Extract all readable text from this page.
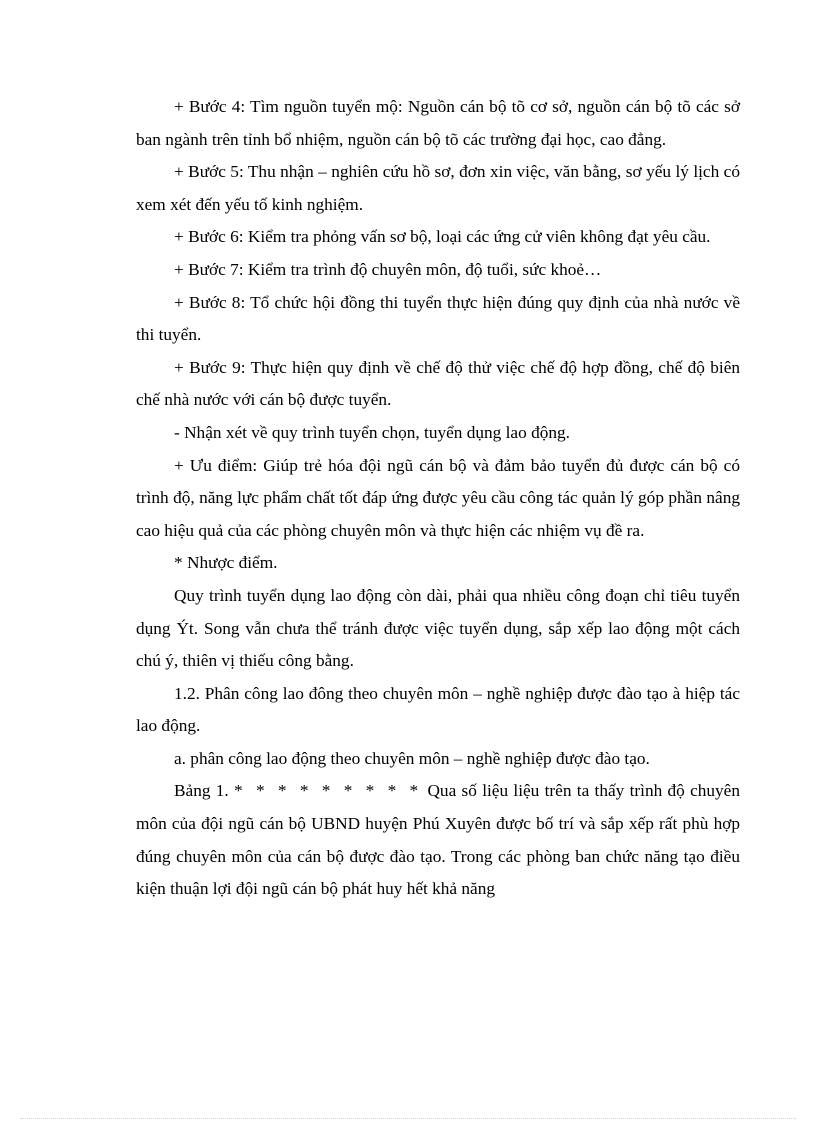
+ Bước 4: Tìm nguồn tuyển mộ: Nguồn cán bộ tõ cơ sở, nguồn cán bộ tõ các sở ban ngành trên tỉnh bổ nhiệm, nguồn cán bộ tõ các trường đại học, cao đẳng.

+ Bước 5: Thu nhận – nghiên cứu hồ sơ, đơn xin việc, văn bằng, sơ yếu lý lịch có xem xét đến yếu tố kinh nghiệm.

+ Bước 6: Kiểm tra phỏng vấn sơ bộ, loại các ứng cử viên không đạt yêu cầu.

+ Bước 7: Kiểm tra trình độ chuyên môn, độ tuổi, sức khoẻ…

+ Bước 8: Tổ chức hội đồng thi tuyển thực hiện đúng quy định của nhà nước về thi tuyển.

+ Bước 9: Thực hiện quy định về chế độ thử việc chế độ hợp đồng, chế độ biên chế nhà nước với cán bộ được tuyển.

- Nhận xét về quy trình tuyển chọn, tuyển dụng lao động.

+ Ưu điểm: Giúp trẻ hóa đội ngũ cán bộ và đảm bảo tuyển đủ được cán bộ có trình độ, năng lực phẩm chất tốt đáp ứng được yêu cầu công tác quản lý góp phần nâng cao hiệu quả của các phòng chuyên môn và thực hiện các nhiệm vụ đề ra.

* Nhược điểm.

Quy trình tuyển dụng lao động còn dài, phải qua nhiều công đoạn chỉ tiêu tuyển dụng Ýt. Song vẫn chưa thể tránh được việc tuyển dụng, sắp xếp lao động một cách chú ý, thiên vị thiếu công bằng.

1.2. Phân công lao đông theo chuyên môn – nghề nghiệp được đào tạo à hiệp tác lao động.

a. phân công lao động theo chuyên môn – nghề nghiệp được đào tạo.

Bảng 1. * * * * * * * * * Qua số liệu liệu trên ta thấy trình độ chuyên môn của đội ngũ cán bộ UBND huyện Phú Xuyên được bố trí và sắp xếp rất phù hợp đúng chuyên môn của cán bộ được đào tạo. Trong các phòng ban chức năng tạo điều kiện thuận lợi đội ngũ cán bộ phát huy hết khả năng
